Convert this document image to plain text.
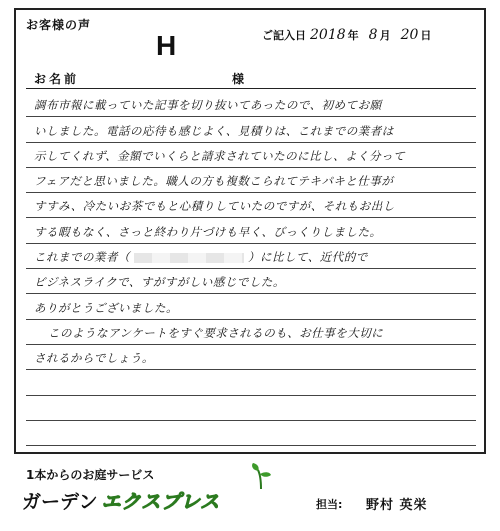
お客様の声
H	ご記入日 2018 年 8 月 20 日
お名前	様
調布市報に載っていた記事を切り抜いてあったので、初めてお願
いしました。電話の応待も感じよく、見積りは、これまでの業者は
示してくれず、金額でいくらと請求されていたのに比し、よく分って
フェアだと思いました。職人の方も複数こられてテキパキと仕事が
すすみ、冷たいお茶でもと心積りしていたのですが、それもお出し
する暇もなく、さっと終わり片づけも早く、びっくりしました。
これまでの業者（	）に比して、近代的で
ビジネスライクで、すがすがしい感じでした。
ありがとうございました。
このようなアンケートをすぐ要求されるのも、お仕事を大切に
されるからでしょう。
1本からのお庭サービス
ガーデン エクスプレス	担当: 野村 英栄
